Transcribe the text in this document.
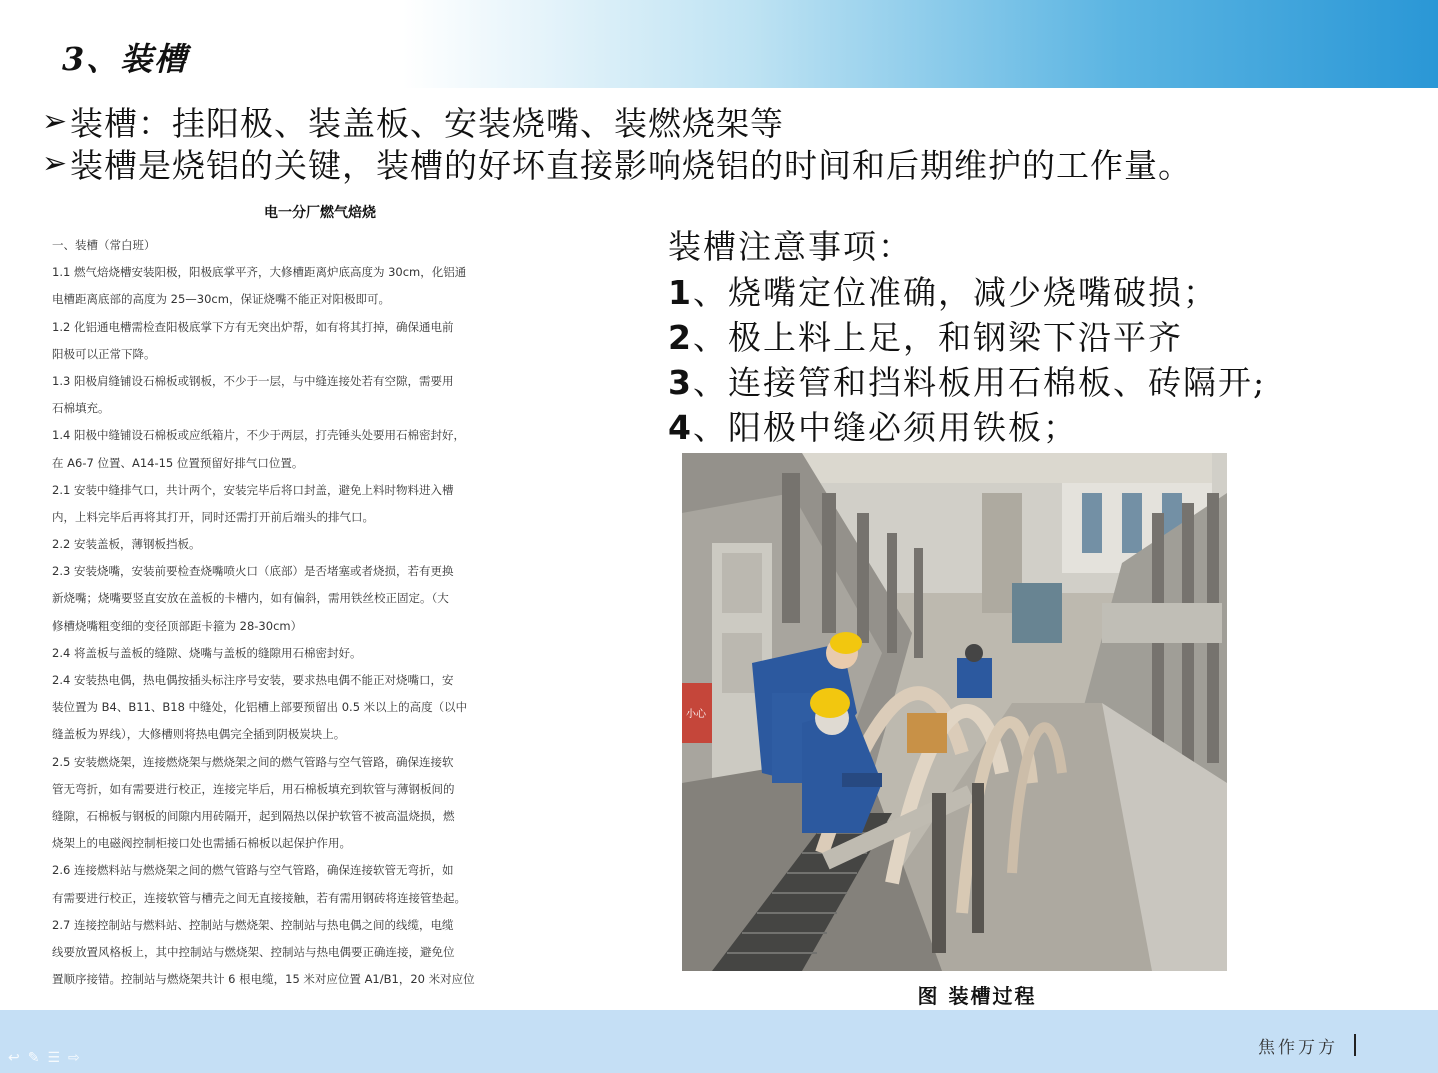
3、装槽
➢ 装槽：挂阳极、装盖板、安装烧嘴、装燃烧架等
➢ 装槽是烧铝的关键，装槽的好坏直接影响烧铝的时间和后期维护的工作量。
电一分厂燃气焙烧
一、装槽（常白班）
1.1 燃气焙烧槽安装阳极，阳极底掌平齐，大修槽距离炉底高度为 30cm，化铝通
电槽距离底部的高度为 25—30cm，保证烧嘴不能正对阳极即可。
1.2 化铝通电槽需检查阳极底掌下方有无突出炉帮，如有将其打掉，确保通电前
阳极可以正常下降。
1.3 阳极肩缝铺设石棉板或钢板，不少于一层，与中缝连接处若有空隙，需要用
石棉填充。
1.4 阳极中缝铺设石棉板或应纸箱片，不少于两层，打壳锤头处要用石棉密封好，
在 A6-7 位置、A14-15 位置预留好排气口位置。
2.1 安装中缝排气口，共计两个，安装完毕后将口封盖，避免上料时物料进入槽
内，上料完毕后再将其打开，同时还需打开前后端头的排气口。
2.2 安装盖板，薄钢板挡板。
2.3 安装烧嘴，安装前要检查烧嘴喷火口（底部）是否堵塞或者烧损，若有更换
新烧嘴；烧嘴要竖直安放在盖板的卡槽内，如有偏斜，需用铁丝校正固定。（大
修槽烧嘴粗变细的变径顶部距卡箍为 28-30cm）
2.4 将盖板与盖板的缝隙、烧嘴与盖板的缝隙用石棉密封好。
2.4 安装热电偶，热电偶按插头标注序号安装，要求热电偶不能正对烧嘴口，安
装位置为 B4、B11、B18 中缝处，化铝槽上部要预留出 0.5 米以上的高度（以中
缝盖板为界线），大修槽则将热电偶完全插到阴极炭块上。
2.5 安装燃烧架，连接燃烧架与燃烧架之间的燃气管路与空气管路，确保连接软
管无弯折，如有需要进行校正，连接完毕后，用石棉板填充到软管与薄钢板间的
缝隙，石棉板与钢板的间隙内用砖隔开，起到隔热以保护软管不被高温烧损，燃
烧架上的电磁阀控制柜接口处也需插石棉板以起保护作用。
2.6 连接燃料站与燃烧架之间的燃气管路与空气管路，确保连接软管无弯折，如
有需要进行校正，连接软管与槽壳之间无直接接触，若有需用钢砖将连接管垫起。
2.7 连接控制站与燃料站、控制站与燃烧架、控制站与热电偶之间的线缆，电缆
线要放置风格板上，其中控制站与燃烧架、控制站与热电偶要正确连接，避免位
置顺序接错。控制站与燃烧架共计 6 根电缆，15 米对应位置 A1/B1，20 米对应位
装槽注意事项：
1、烧嘴定位准确，减少烧嘴破损；
2、极上料上足，和钢梁下沿平齐
3、连接管和挡料板用石棉板、砖隔开;
4、阳极中缝必须用铁板；
小心
图 装槽过程
↩ ✎ ☰ ⇨	焦作万方
